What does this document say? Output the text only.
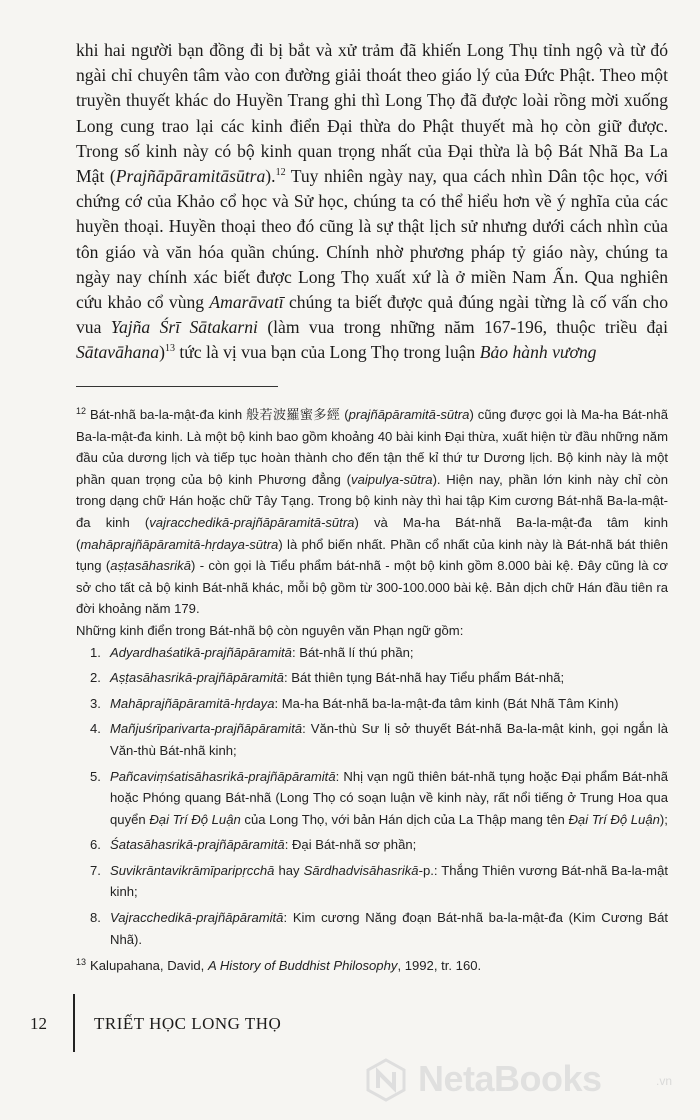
khi hai người bạn đồng đi bị bắt và xử trảm đã khiến Long Thụ tỉnh ngộ và từ đó ngài chỉ chuyên tâm vào con đường giải thoát theo giáo lý của Đức Phật. Theo một truyền thuyết khác do Huyền Trang ghi thì Long Thọ đã được loài rồng mời xuống Long cung trao lại các kinh điển Đại thừa do Phật thuyết mà họ còn giữ được. Trong số kinh này có bộ kinh quan trọng nhất của Đại thừa là bộ Bát Nhã Ba La Mật (Prajñāpāramitāsūtra).$^{12}$ Tuy nhiên ngày nay, qua cách nhìn Dân tộc học, với chứng cớ của Khảo cổ học và Sử học, chúng ta có thể hiểu hơn về ý nghĩa của các huyền thoại. Huyền thoại theo đó cũng là sự thật lịch sử nhưng dưới cách nhìn của tôn giáo và văn hóa quần chúng. Chính nhờ phương pháp tỷ giáo này, chúng ta ngày nay chính xác biết được Long Thọ xuất xứ là ở miền Nam Ấn. Qua nghiên cứu khảo cổ vùng Amarāvatī chúng ta biết được quả đúng ngài từng là cố vấn cho vua Yajña Śrī Sātakarni (làm vua trong những năm 167-196, thuộc triều đại Sātavāhana)$^{13}$ tức là vị vua bạn của Long Thọ trong luận Bảo hành vương

$^{12}$ Bát-nhã ba-la-mật-đa kinh 般若波羅蜜多經 (prajñāpāramitā-sūtra) cũng được gọi là Ma-ha Bát-nhã Ba-la-mật-đa kinh. Là một bộ kinh bao gồm khoảng 40 bài kinh Đại thừa, xuất hiện từ đầu những năm đầu của dương lịch và tiếp tục hoàn thành cho đến tận thế kỉ thứ tư Dương lịch. Bộ kinh này là một phần quan trọng của bộ kinh Phương đẳng (vaipulya-sūtra). Hiện nay, phần lớn kinh này chỉ còn trong dạng chữ Hán hoặc chữ Tây Tạng. Trong bộ kinh này thì hai tập Kim cương Bát-nhã Ba-la-mật-đa kinh (vajracchedikā-prajñāpāramitā-sūtra) và Ma-ha Bát-nhã Ba-la-mật-đa tâm kinh (mahāprajñāpāramitā-hṛdaya-sūtra) là phổ biến nhất. Phần cổ nhất của kinh này là Bát-nhã bát thiên tụng (aṣṭasāhasrikā) - còn gọi là Tiểu phẩm bát-nhã - một bộ kinh gồm 8.000 bài kệ. Đây cũng là cơ sở cho tất cả bộ kinh Bát-nhã khác, mỗi bộ gồm từ 300-100.000 bài kệ. Bản dịch chữ Hán đầu tiên ra đời khoảng năm 179.

Những kinh điển trong Bát-nhã bộ còn nguyên văn Phạn ngữ gồm:

1. Adyardhaśatikā-prajñāpāramitā: Bát-nhã lí thú phần;
2. Aṣṭasāhasrikā-prajñāpāramitā: Bát thiên tụng Bát-nhã hay Tiểu phẩm Bát-nhã;
3. Mahāprajñāpāramitā-hṛdaya: Ma-ha Bát-nhã ba-la-mật-đa tâm kinh (Bát Nhã Tâm Kinh)
4. Mañjuśrīparivarta-prajñāpāramitā: Văn-thù Sư lị sở thuyết Bát-nhã Ba-la-mật kinh, gọi ngắn là Văn-thù Bát-nhã kinh;
5. Pañcaviṃśatisāhasrikā-prajñāpāramitā: Nhị vạn ngũ thiên bát-nhã tụng hoặc Đại phẩm Bát-nhã hoặc Phóng quang Bát-nhã (Long Thọ có soạn luận về kinh này, rất nổi tiếng ở Trung Hoa qua quyển Đại Trí Độ Luận của Long Thọ, với bản Hán dịch của La Thập mang tên Đại Trí Độ Luận);
6. Śatasāhasrikā-prajñāpāramitā: Đại Bát-nhã sơ phần;
7. Suvikrāntavikrāmīparipṛcchā hay Sārdhadvisāhasrikā-p.: Thắng Thiên vương Bát-nhã Ba-la-mật kinh;
8. Vajracchedikā-prajñāpāramitā: Kim cương Năng đoạn Bát-nhã ba-la-mật-đa (Kim Cương Bát Nhã).

$^{13}$ Kalupahana, David, A History of Buddhist Philosophy, 1992, tr. 160.

12	TRIẾT HỌC LONG THỌ
NetaBooks	.vn
